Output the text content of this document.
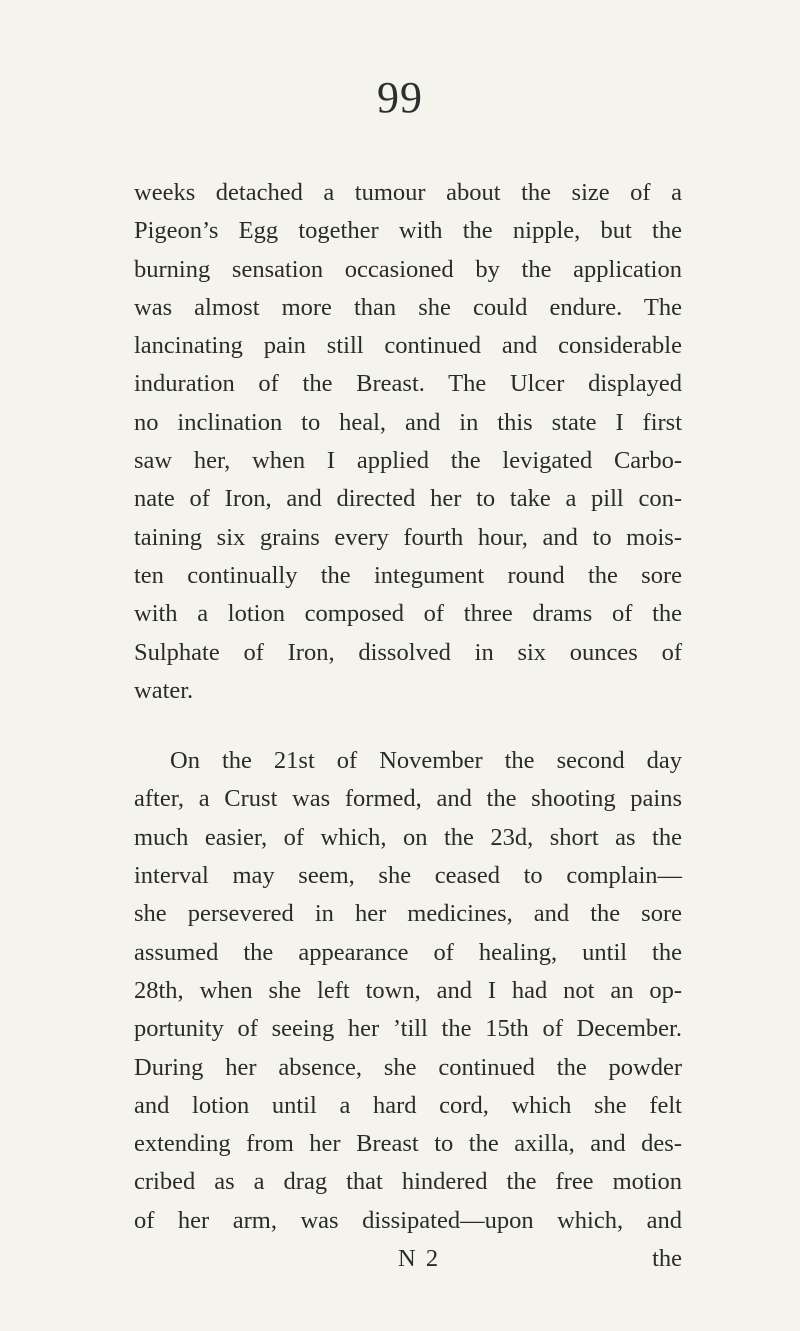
99
weeks detached a tumour about the size of a
Pigeon’s Egg together with the nipple, but the
burning sensation occasioned by the application
was almost more than she could endure. The
lancinating pain still continued and considerable
induration of the Breast. The Ulcer displayed
no inclination to heal, and in this state I first
saw her, when I applied the levigated Carbo-
nate of Iron, and directed her to take a pill con-
taining six grains every fourth hour, and to mois-
ten continually the integument round the sore
with a lotion composed of three drams of the
Sulphate of Iron, dissolved in six ounces of
water.
On the 21st of November the second day
after, a Crust was formed, and the shooting pains
much easier, of which, on the 23d, short as the
interval may seem, she ceased to complain—
she persevered in her medicines, and the sore
assumed the appearance of healing, until the
28th, when she left town, and I had not an op-
portunity of seeing her ’till the 15th of December.
During her absence, she continued the powder
and lotion until a hard cord, which she felt
extending from her Breast to the axilla, and des-
cribed as a drag that hindered the free motion
of her arm, was dissipated—upon which, and
N 2	the
